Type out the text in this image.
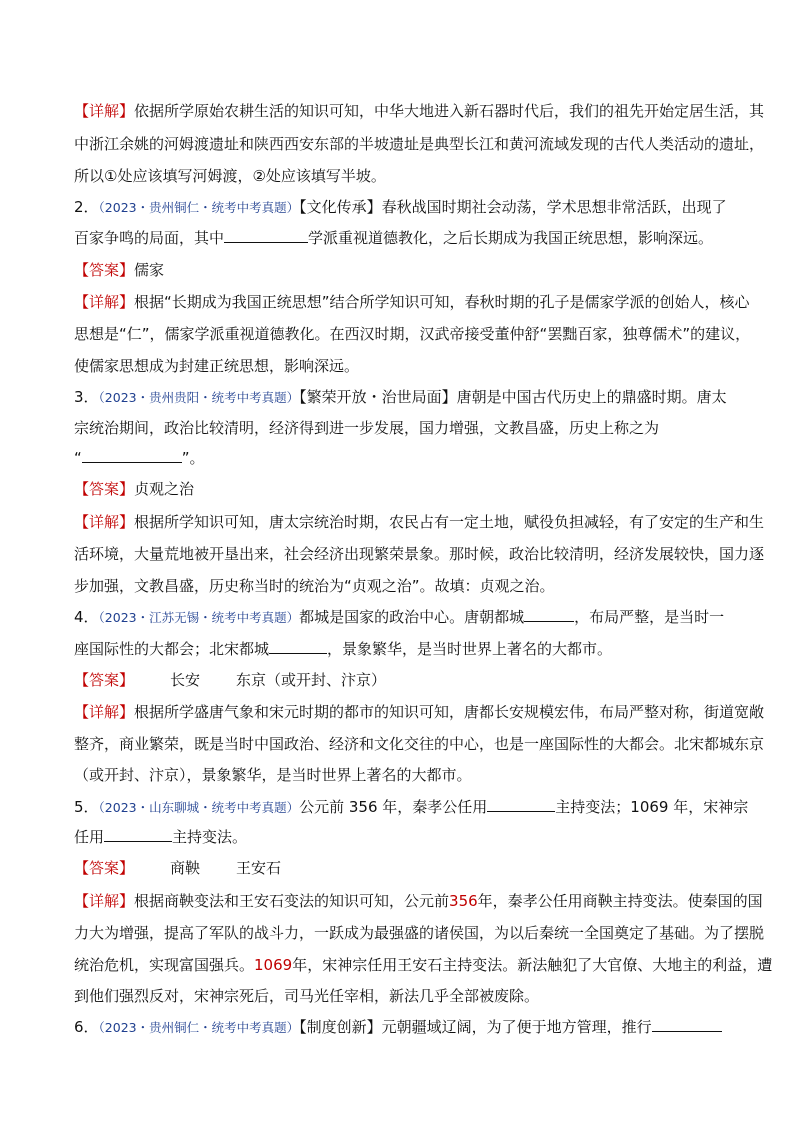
【详解】依据所学原始农耕生活的知识可知，中华大地进入新石器时代后，我们的祖先开始定居生活，其
中浙江余姚的河姆渡遗址和陕西西安东部的半坡遗址是典型长江和黄河流域发现的古代人类活动的遗址，
所以①处应该填写河姆渡，②处应该填写半坡。
2．（2023・贵州铜仁・统考中考真题）【文化传承】春秋战国时期社会动荡，学术思想非常活跃，出现了
百家争鸣的局面，其中	学派重视道德教化，之后长期成为我国正统思想，影响深远。
【答案】儒家
【详解】根据“长期成为我国正统思想”结合所学知识可知，春秋时期的孔子是儒家学派的创始人，核心
思想是“仁”，儒家学派重视道德教化。在西汉时期，汉武帝接受董仲舒“罢黜百家，独尊儒术”的建议，
使儒家思想成为封建正统思想，影响深远。
3．（2023・贵州贵阳・统考中考真题）【繁荣开放・治世局面】唐朝是中国古代历史上的鼎盛时期。唐太
宗统治期间，政治比较清明，经济得到进一步发展，国力增强，文教昌盛，历史上称之为
“	”。
【答案】贞观之治
【详解】根据所学知识可知，唐太宗统治时期，农民占有一定土地，赋役负担减轻，有了安定的生产和生
活环境，大量荒地被开垦出来，社会经济出现繁荣景象。那时候，政治比较清明，经济发展较快，国力逐
步加强，文教昌盛，历史称当时的统治为“贞观之治”。故填：贞观之治。
4．（2023・江苏无锡・统考中考真题）都城是国家的政治中心。唐朝都城	，布局严整，是当时一
座国际性的大都会；北宋都城	，景象繁华，是当时世界上著名的大都市。
【答案】 长安 东京（或开封、汴京）
【详解】根据所学盛唐气象和宋元时期的都市的知识可知，唐都长安规模宏伟，布局严整对称，街道宽敞
整齐，商业繁荣，既是当时中国政治、经济和文化交往的中心，也是一座国际性的大都会。北宋都城东京
（或开封、汴京），景象繁华，是当时世界上著名的大都市。
5．（2023・山东聊城・统考中考真题）公元前 356 年，秦孝公任用	主持变法；1069 年，宋神宗
任用	主持变法。
【答案】 商鞅 王安石
【详解】根据商鞅变法和王安石变法的知识可知，公元前356年，秦孝公任用商鞅主持变法。使秦国的国
力大为增强，提高了军队的战斗力，一跃成为最强盛的诸侯国，为以后秦统一全国奠定了基础。为了摆脱
统治危机，实现富国强兵。1069年，宋神宗任用王安石主持变法。新法触犯了大官僚、大地主的利益，遭
到他们强烈反对，宋神宗死后，司马光任宰相，新法几乎全部被废除。
6．（2023・贵州铜仁・统考中考真题）【制度创新】元朝疆域辽阔，为了便于地方管理，推行
